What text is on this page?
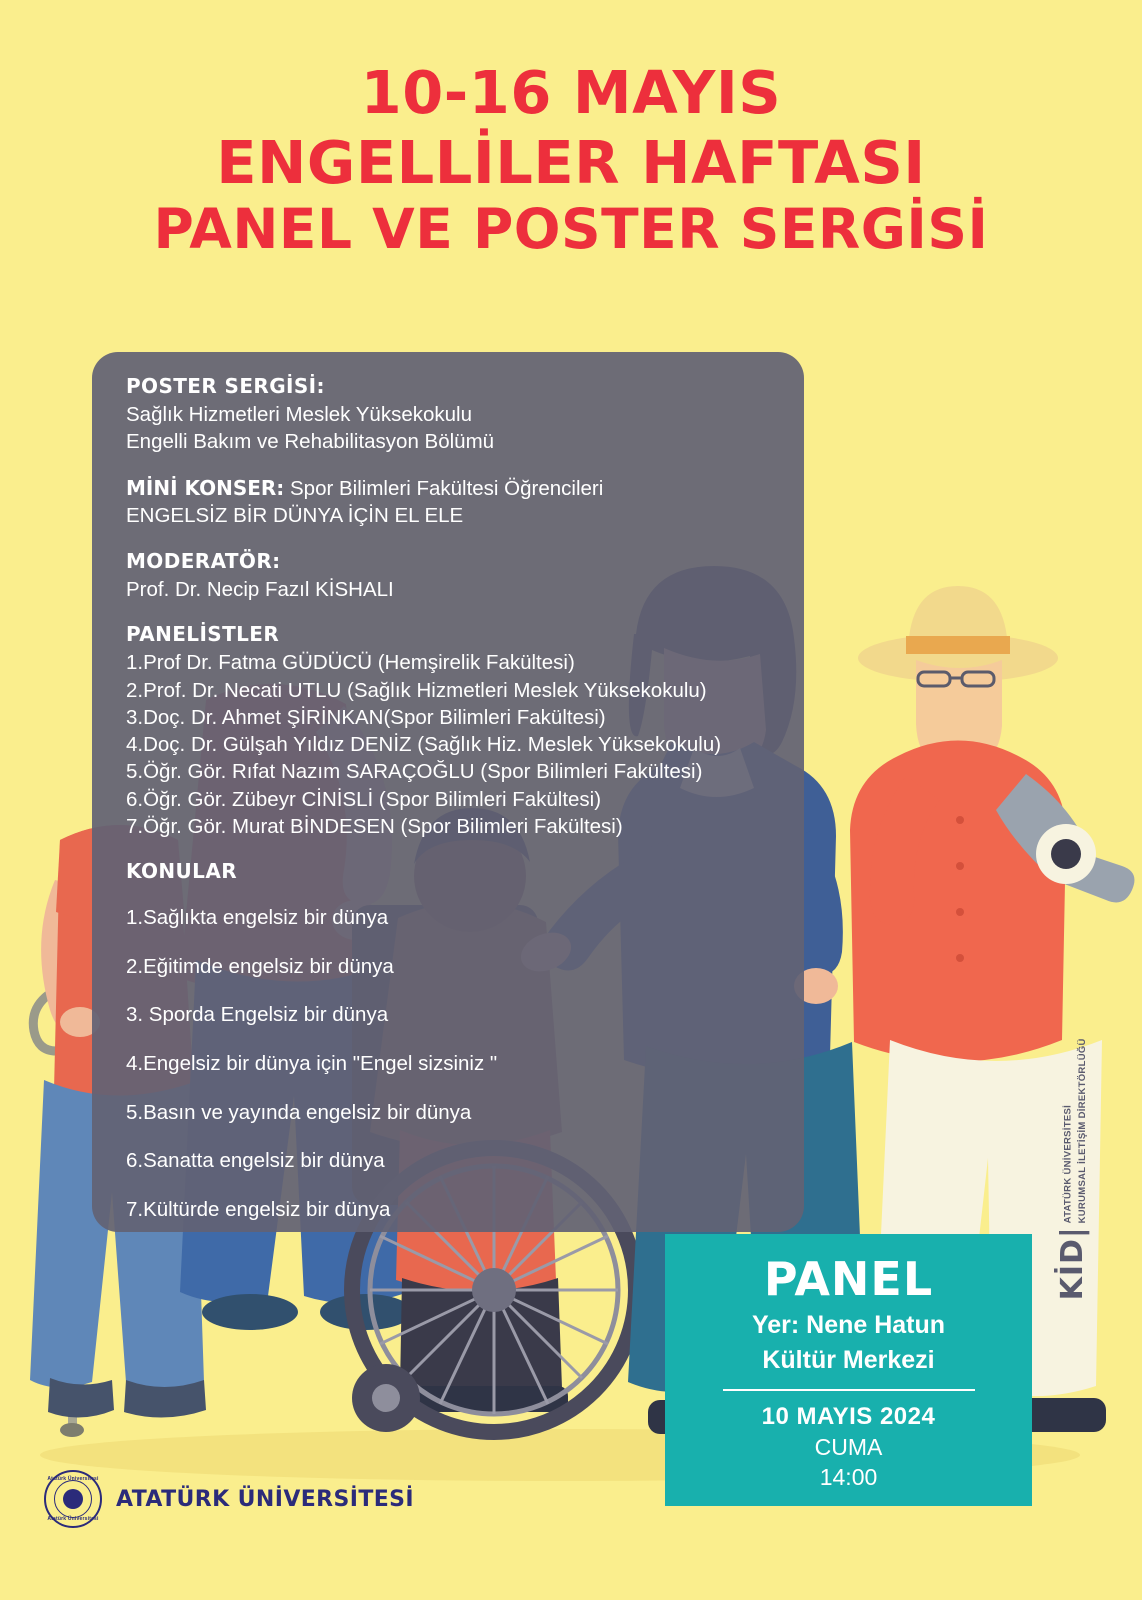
10-16 MAYIS
ENGELLİLER HAFTASI
PANEL VE POSTER SERGİSİ
POSTER SERGİSİ:
Sağlık Hizmetleri Meslek Yüksekokulu
Engelli Bakım ve Rehabilitasyon Bölümü
MİNİ KONSER: Spor Bilimleri Fakültesi Öğrencileri
ENGELSİZ BİR DÜNYA İÇİN EL ELE
MODERATÖR:
Prof. Dr. Necip Fazıl KİSHALI
PANELİSTLER
1.Prof Dr. Fatma GÜDÜCÜ (Hemşirelik Fakültesi)
2.Prof. Dr. Necati UTLU (Sağlık Hizmetleri Meslek Yüksekokulu)
3.Doç. Dr. Ahmet ŞİRİNKAN(Spor Bilimleri Fakültesi)
4.Doç. Dr. Gülşah Yıldız DENİZ (Sağlık Hiz. Meslek Yüksekokulu)
5.Öğr. Gör. Rıfat Nazım SARAÇOĞLU (Spor Bilimleri Fakültesi)
6.Öğr. Gör. Zübeyr CİNİSLİ (Spor Bilimleri Fakültesi)
7.Öğr. Gör. Murat BİNDESEN (Spor Bilimleri Fakültesi)
KONULAR
1.Sağlıkta engelsiz bir dünya
2.Eğitimde engelsiz bir dünya
3. Sporda Engelsiz bir dünya
4.Engelsiz bir dünya için "Engel sizsiniz "
5.Basın ve yayında engelsiz bir dünya
6.Sanatta engelsiz bir dünya
7.Kültürde engelsiz bir dünya
PANEL
Yer: Nene Hatun
Kültür Merkezi
10 MAYIS 2024
CUMA
14:00
KİD|
ATATÜRK ÜNİVERSİTESİ KURUMSAL İLETİŞİM DİREKTÖRLÜĞÜ
Atatürk Üniversitesi
Atatürk Üniversitesi
ATATÜRK ÜNİVERSİTESİ
